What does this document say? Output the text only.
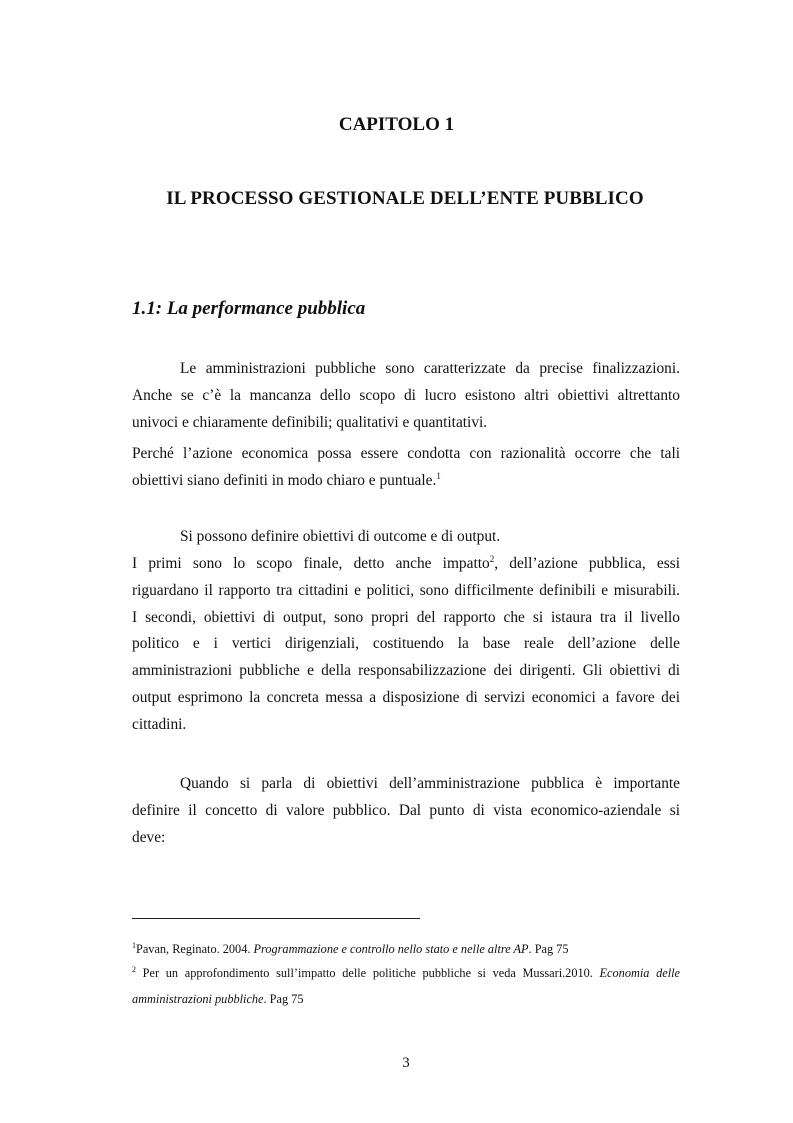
CAPITOLO 1
IL PROCESSO GESTIONALE DELL’ENTE PUBBLICO
1.1: La performance pubblica
Le amministrazioni pubbliche sono caratterizzate da precise finalizzazioni.
Anche se c’è la mancanza dello scopo di lucro esistono altri obiettivi altrettanto
univoci e chiaramente definibili; qualitativi e quantitativi.
Perché l’azione economica possa essere condotta con razionalità occorre che tali
obiettivi siano definiti in modo chiaro e puntuale.$^1$
Si possono definire obiettivi di outcome e di output.
I primi sono lo scopo finale, detto anche impatto$^2$, dell’azione pubblica, essi
riguardano il rapporto tra cittadini e politici, sono difficilmente definibili e misurabili.
I secondi, obiettivi di output, sono propri del rapporto che si istaura tra il livello
politico e i vertici dirigenziali, costituendo la base reale dell’azione delle
amministrazioni pubbliche e della responsabilizzazione dei dirigenti. Gli obiettivi di
output esprimono la concreta messa a disposizione di servizi economici a favore dei
cittadini.
Quando si parla di obiettivi dell’amministrazione pubblica è importante
definire il concetto di valore pubblico. Dal punto di vista economico-aziendale si
deve:
$^1$Pavan, Reginato. 2004. Programmazione e controllo nello stato e nelle altre AP. Pag 75
$^2$ Per un approfondimento sull’impatto delle politiche pubbliche si veda Mussari.2010. Economia delle
amministrazioni pubbliche. Pag 75
3
